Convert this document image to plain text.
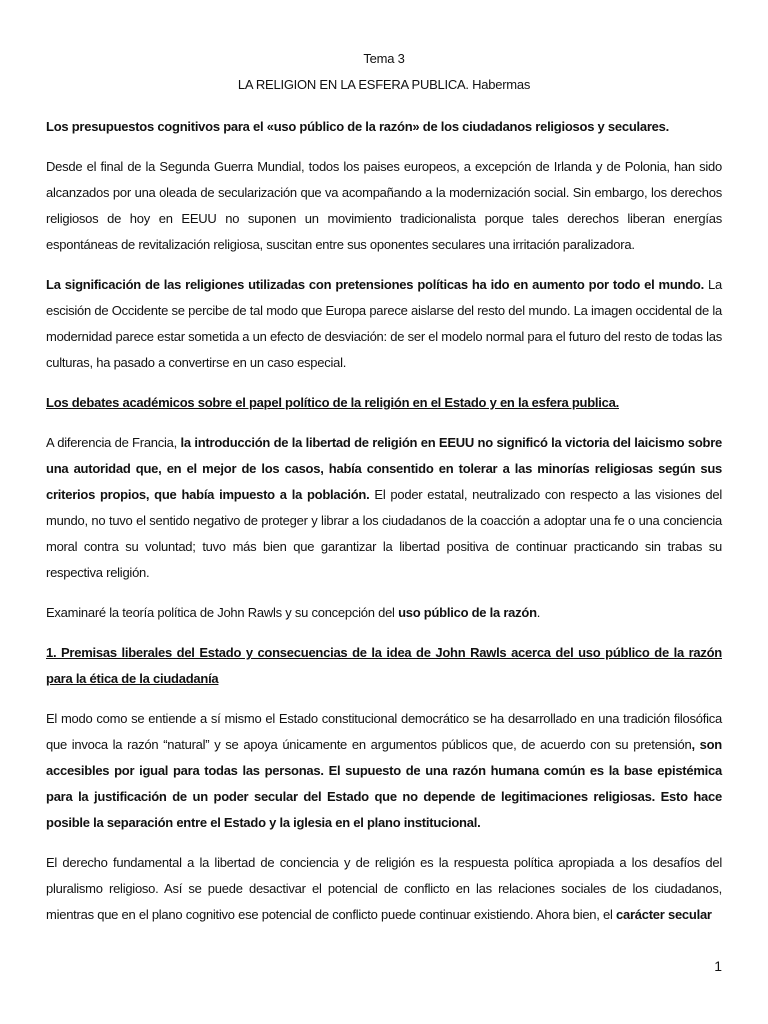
Tema 3

LA RELIGION EN LA ESFERA PUBLICA. Habermas

Los presupuestos cognitivos para el «uso público de la razón» de los ciudadanos religiosos y seculares.

Desde el final de la Segunda Guerra Mundial, todos los paises europeos, a excepción de Irlanda y de Polonia, han sido alcanzados por una oleada de secularización que va acompañando a la modernización social. Sin embargo, los derechos religiosos de hoy en EEUU no suponen un movimiento tradicionalista porque tales derechos liberan energías espontáneas de revitalización religiosa, suscitan entre sus oponentes seculares una irritación paralizadora.

La significación de las religiones utilizadas con pretensiones políticas ha ido en aumento por todo el mundo. La escisión de Occidente se percibe de tal modo que Europa parece aislarse del resto del mundo. La imagen occidental de la modernidad parece estar sometida a un efecto de desviación: de ser el modelo normal para el futuro del resto de todas las culturas, ha pasado a convertirse en un caso especial.

Los debates académicos sobre el papel político de la religión en el Estado y en la esfera publica.

A diferencia de Francia, la introducción de la libertad de religión en EEUU no significó la victoria del laicismo sobre una autoridad que, en el mejor de los casos, había consentido en tolerar a las minorías religiosas según sus criterios propios, que había impuesto a la población. El poder estatal, neutralizado con respecto a las visiones del mundo, no tuvo el sentido negativo de proteger y librar a los ciudadanos de la coacción a adoptar una fe o una conciencia moral contra su voluntad; tuvo más bien que garantizar la libertad positiva de continuar practicando sin trabas su respectiva religión.

Examinaré la teoría política de John Rawls y su concepción del uso público de la razón.

1. Premisas liberales del Estado y consecuencias de la idea de John Rawls acerca del uso público de la razón para la ética de la ciudadanía

El modo como se entiende a sí mismo el Estado constitucional democrático se ha desarrollado en una tradición filosófica que invoca la razón “natural” y se apoya únicamente en argumentos públicos que, de acuerdo con su pretensión, son accesibles por igual para todas las personas. El supuesto de una razón humana común es la base epistémica para la justificación de un poder secular del Estado que no depende de legitimaciones religiosas. Esto hace posible la separación entre el Estado y la iglesia en el plano institucional.

El derecho fundamental a la libertad de conciencia y de religión es la respuesta política apropiada a los desafíos del pluralismo religioso. Así se puede desactivar el potencial de conflicto en las relaciones sociales de los ciudadanos, mientras que en el plano cognitivo ese potencial de conflicto puede continuar existiendo. Ahora bien, el carácter secular

1
